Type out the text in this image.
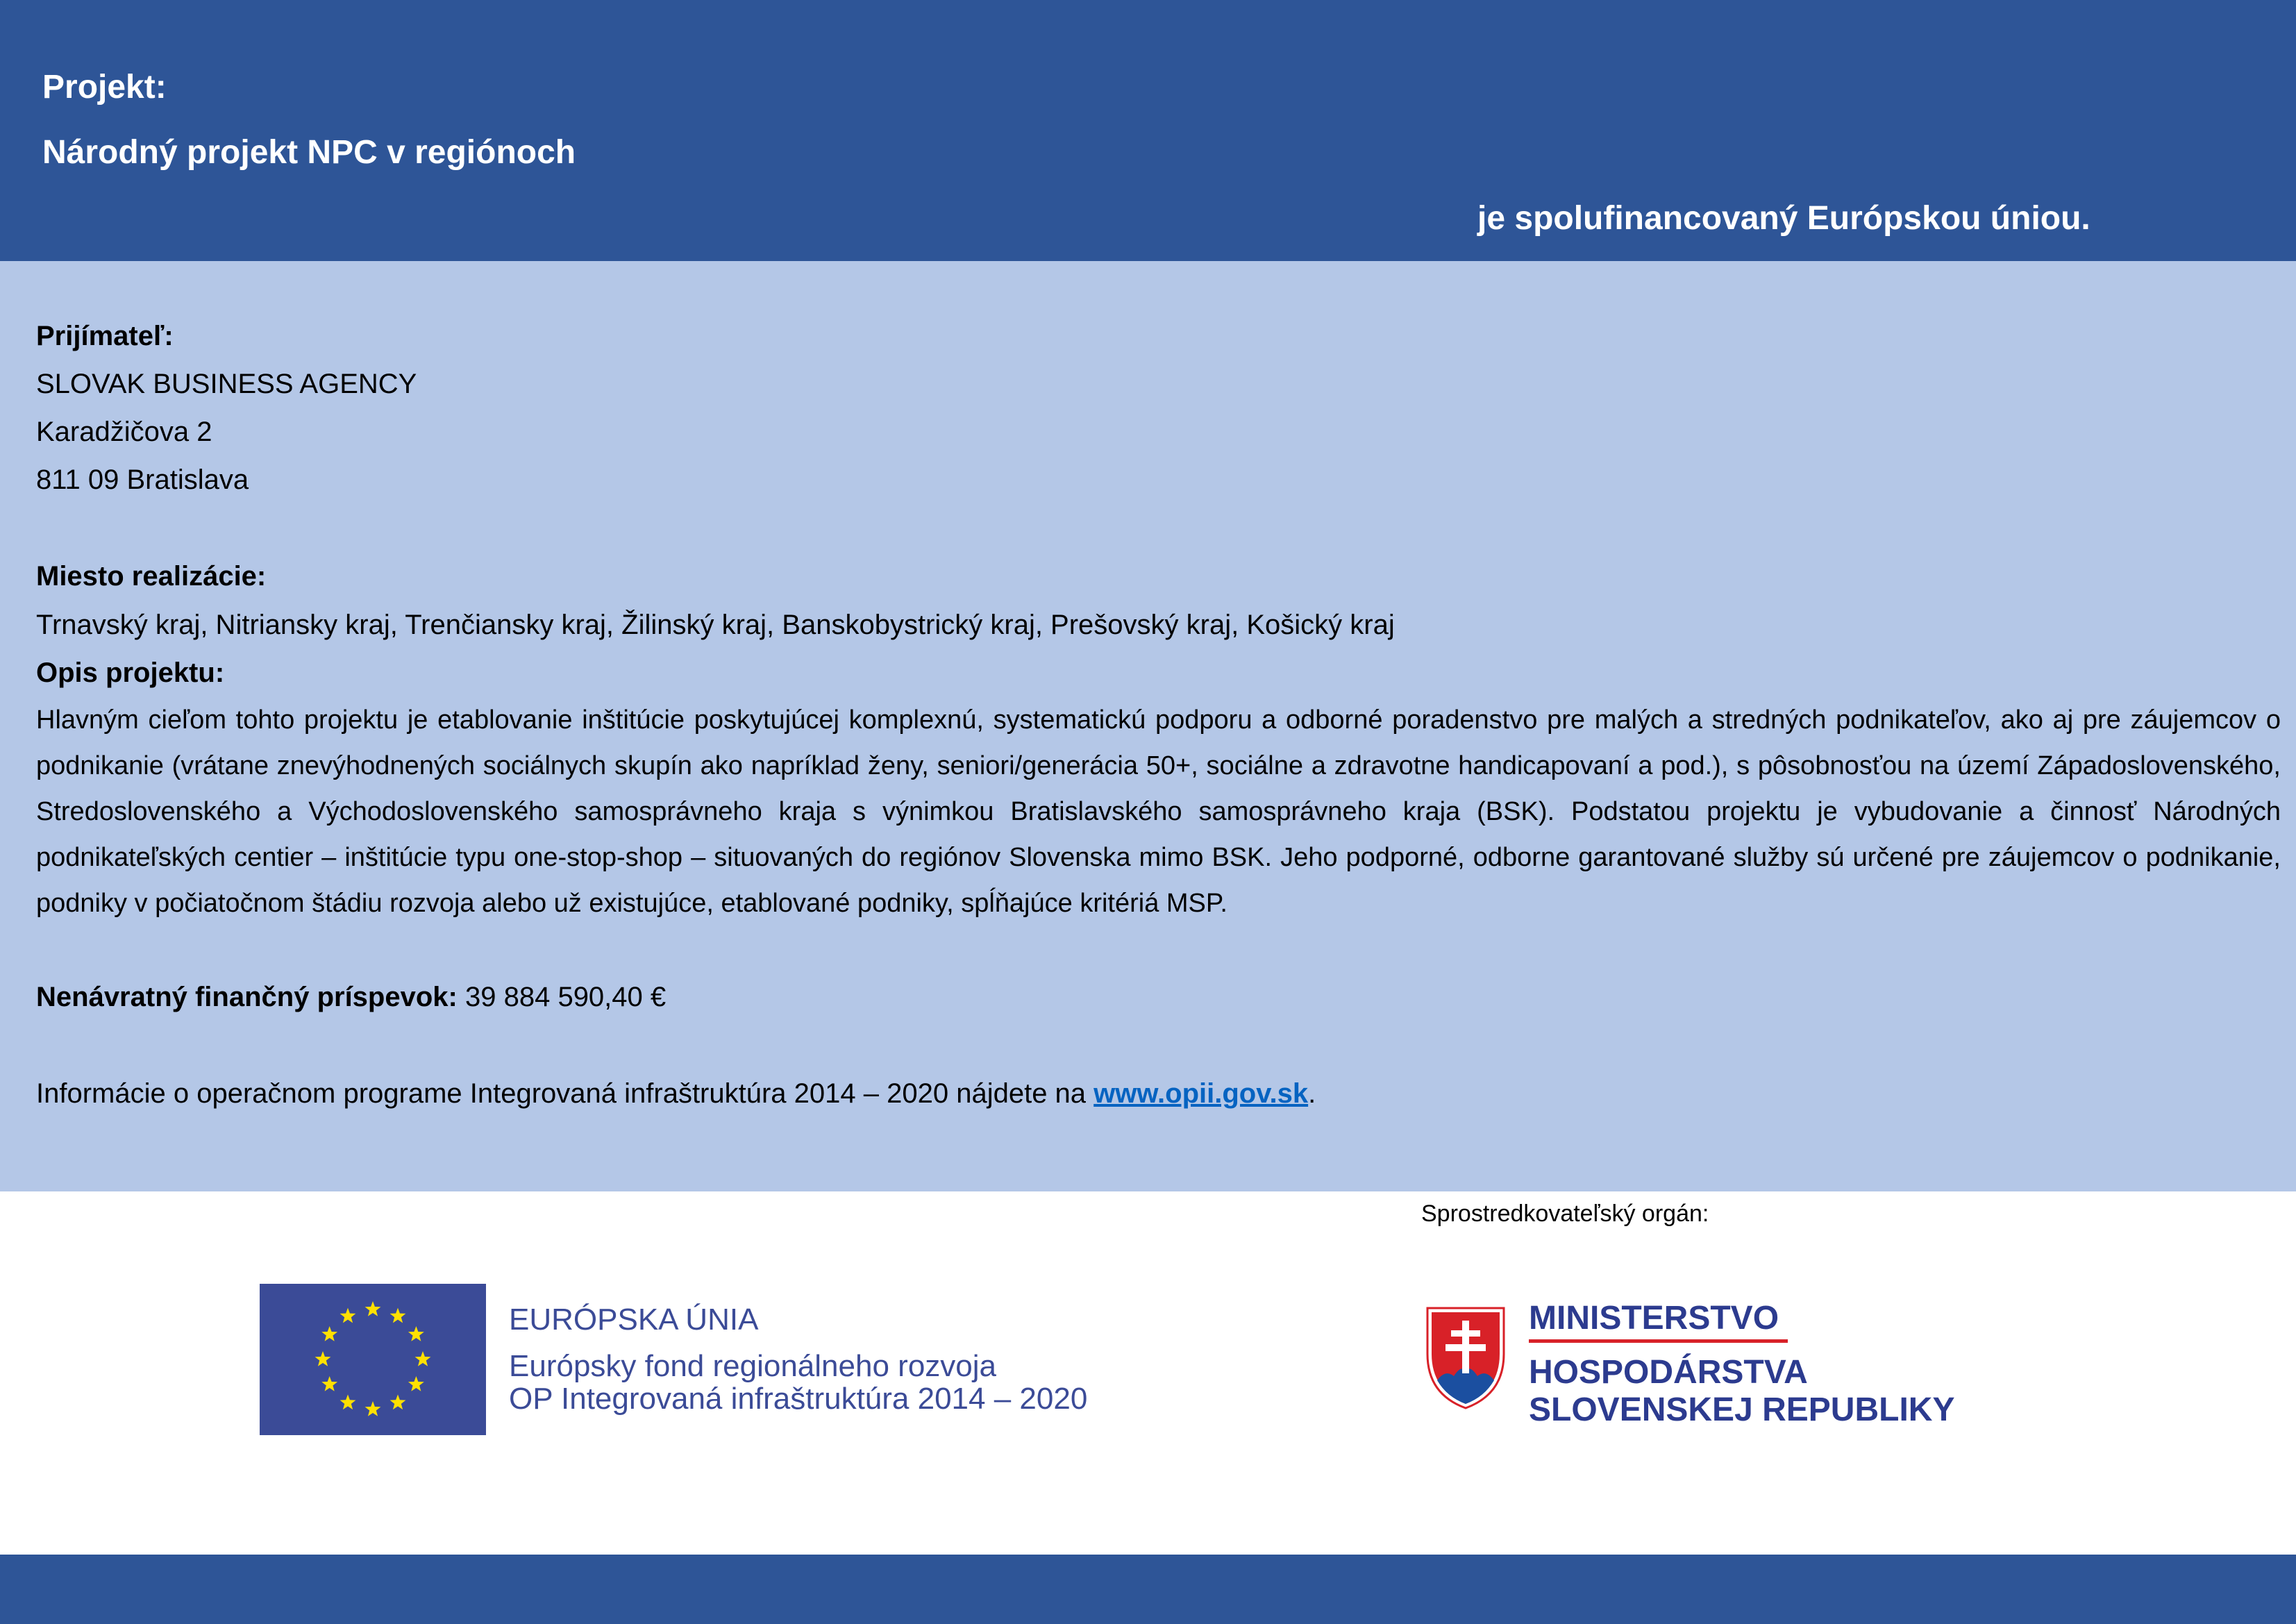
Projekt:
Národný projekt NPC v regiónoch
je spolufinancovaný Európskou úniou.
Prijímateľ:
SLOVAK BUSINESS AGENCY
Karadžičova 2
811 09 Bratislava
Miesto realizácie:
Trnavský kraj, Nitriansky kraj, Trenčiansky kraj, Žilinský kraj, Banskobystrický kraj, Prešovský kraj, Košický kraj
Opis projektu:
Hlavným cieľom tohto projektu je etablovanie inštitúcie poskytujúcej komplexnú, systematickú podporu a odborné poradenstvo pre malých a stredných podnikateľov, ako aj pre záujemcov o podnikanie (vrátane znevýhodnených sociálnych skupín ako napríklad ženy, seniori/generácia 50+, sociálne a zdravotne handicapovaní a pod.), s pôsobnosťou na území Západoslovenského, Stredoslovenského a Východoslovenského samosprávneho kraja s výnimkou Bratislavského samosprávneho kraja (BSK). Podstatou projektu je vybudovanie a činnosť Národných podnikateľských centier – inštitúcie typu one-stop-shop – situovaných do regiónov Slovenska mimo BSK. Jeho podporné, odborne garantované služby sú určené pre záujemcov o podnikanie, podniky v počiatočnom štádiu rozvoja alebo už existujúce, etablované podniky, spĺňajúce kritériá MSP.
Nenávratný finančný príspevok: 39 884 590,40 €
Informácie o operačnom programe Integrovaná infraštruktúra 2014 – 2020 nájdete na www.opii.gov.sk.
Sprostredkovateľský orgán:
EURÓPSKA ÚNIA
Európsky fond regionálneho rozvoja
OP Integrovaná infraštruktúra 2014 – 2020
MINISTERSTVO
HOSPODÁRSTVA
SLOVENSKEJ REPUBLIKY
